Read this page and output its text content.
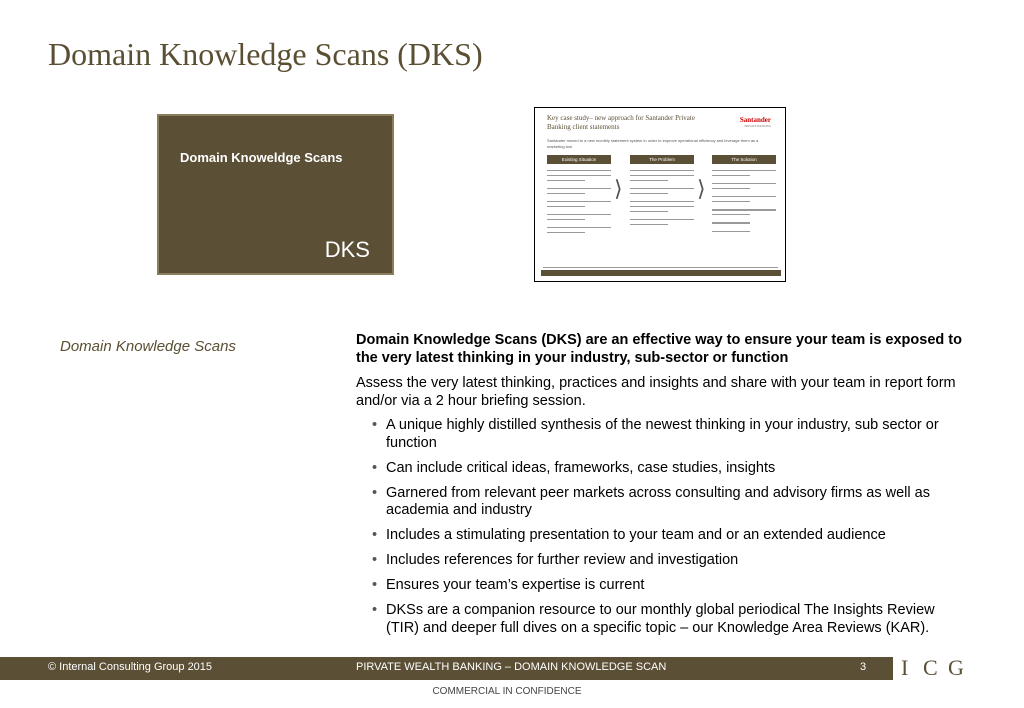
Domain Knowledge Scans (DKS)
Domain Knoweldge Scans
DKS
Key case study– new approach for Santander Private Banking client statements
Santander
PRIVATE BANKING
Santander moved to a new monthly statement system in order to improve operational efficiency and leverage them as a marketing tool
Existing Situation
⟩
The Problem
⟩
The Solution
Domain Knowledge Scans	Domain Knowledge Scans (DKS) are an effective way to ensure your team is exposed to the very latest thinking in your industry, sub-sector or function

Assess the very latest thinking, practices and insights and share with your team in report form and/or via a 2 hour briefing session.

• A unique highly distilled synthesis of the newest thinking in your industry, sub sector or function
• Can include critical ideas, frameworks, case studies, insights
• Garnered from relevant peer markets across consulting and advisory firms as well as academia and industry
• Includes a stimulating presentation to your team and or an extended audience
• Includes references for further review and investigation
• Ensures your team’s expertise is current
• DKSs are a companion resource to our monthly global periodical The Insights Review (TIR) and deeper full dives on a specific topic – our Knowledge Area Reviews (KAR).
© Internal Consulting Group 2015	PIRVATE WEALTH BANKING – DOMAIN KNOWLEDGE SCAN	3 I C G
COMMERCIAL IN CONFIDENCE
